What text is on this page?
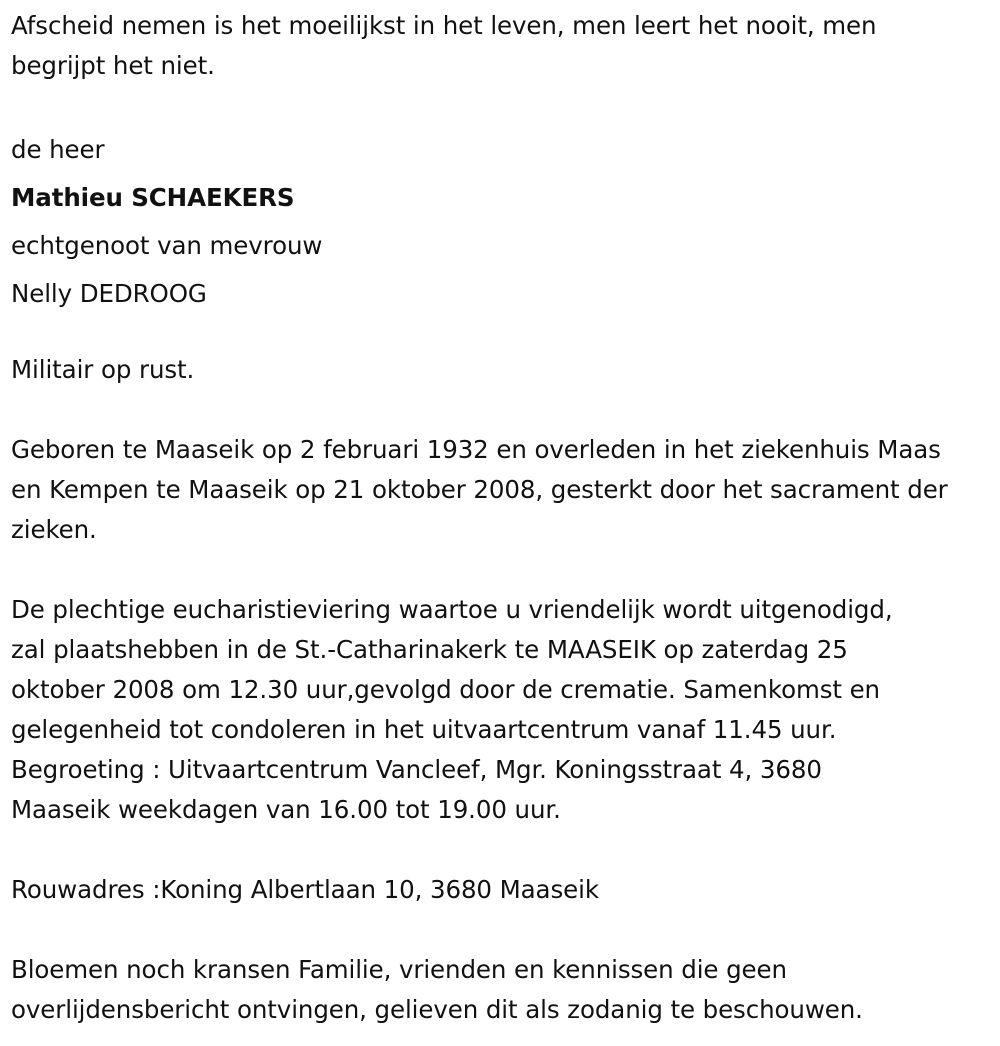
Afscheid nemen is het moeilijkst in het leven, men leert het nooit, men begrijpt het niet.

de heer

Mathieu SCHAEKERS

echtgenoot van mevrouw

Nelly DEDROOG

Militair op rust.

Geboren te Maaseik op 2 februari 1932 en overleden in het ziekenhuis Maas en Kempen te Maaseik op 21 oktober 2008, gesterkt door het sacrament der zieken.

De plechtige eucharistieviering waartoe u vriendelijk wordt uitgenodigd,

zal plaatshebben in de St.-Catharinakerk te MAASEIK op zaterdag 25

oktober 2008 om 12.30 uur,gevolgd door de crematie. Samenkomst en

gelegenheid tot condoleren in het uitvaartcentrum vanaf 11.45 uur.

Begroeting : Uitvaartcentrum Vancleef, Mgr. Koningsstraat 4, 3680

Maaseik weekdagen van 16.00 tot 19.00 uur.

Rouwadres :Koning Albertlaan 10, 3680 Maaseik

Bloemen noch kransen Familie, vrienden en kennissen die geen

overlijdensbericht ontvingen, gelieven dit als zodanig te beschouwen.
